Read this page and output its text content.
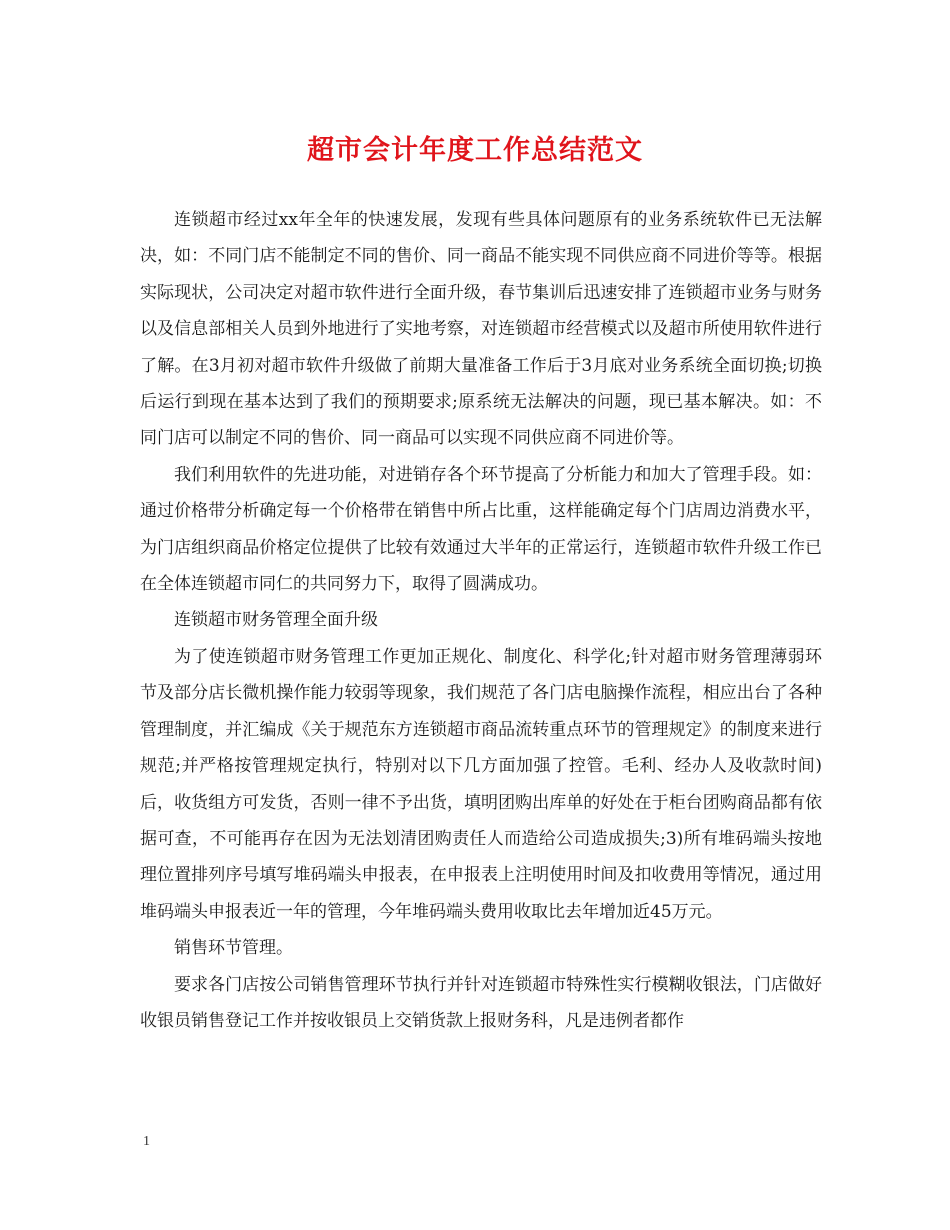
超市会计年度工作总结范文

连锁超市经过xx年全年的快速发展，发现有些具体问题原有的业务系统软件已无法解决，如：不同门店不能制定不同的售价、同一商品不能实现不同供应商不同进价等等。根据实际现状，公司决定对超市软件进行全面升级，春节集训后迅速安排了连锁超市业务与财务以及信息部相关人员到外地进行了实地考察，对连锁超市经营模式以及超市所使用软件进行了解。在3月初对超市软件升级做了前期大量准备工作后于3月底对业务系统全面切换;切换后运行到现在基本达到了我们的预期要求;原系统无法解决的问题，现已基本解决。如：不同门店可以制定不同的售价、同一商品可以实现不同供应商不同进价等。

我们利用软件的先进功能，对进销存各个环节提高了分析能力和加大了管理手段。如：通过价格带分析确定每一个价格带在销售中所占比重，这样能确定每个门店周边消费水平，为门店组织商品价格定位提供了比较有效通过大半年的正常运行，连锁超市软件升级工作已在全体连锁超市同仁的共同努力下，取得了圆满成功。

连锁超市财务管理全面升级

为了使连锁超市财务管理工作更加正规化、制度化、科学化;针对超市财务管理薄弱环节及部分店长微机操作能力较弱等现象，我们规范了各门店电脑操作流程，相应出台了各种管理制度，并汇编成《关于规范东方连锁超市商品流转重点环节的管理规定》的制度来进行规范;并严格按管理规定执行，特别对以下几方面加强了控管。毛利、经办人及收款时间)后，收货组方可发货，否则一律不予出货，填明团购出库单的好处在于柜台团购商品都有依据可查，不可能再存在因为无法划清团购责任人而造给公司造成损失;3)所有堆码端头按地理位置排列序号填写堆码端头申报表，在申报表上注明使用时间及扣收费用等情况，通过用堆码端头申报表近一年的管理，今年堆码端头费用收取比去年增加近45万元。

销售环节管理。

要求各门店按公司销售管理环节执行并针对连锁超市特殊性实行模糊收银法，门店做好收银员销售登记工作并按收银员上交销货款上报财务科，凡是违例者都作

1
